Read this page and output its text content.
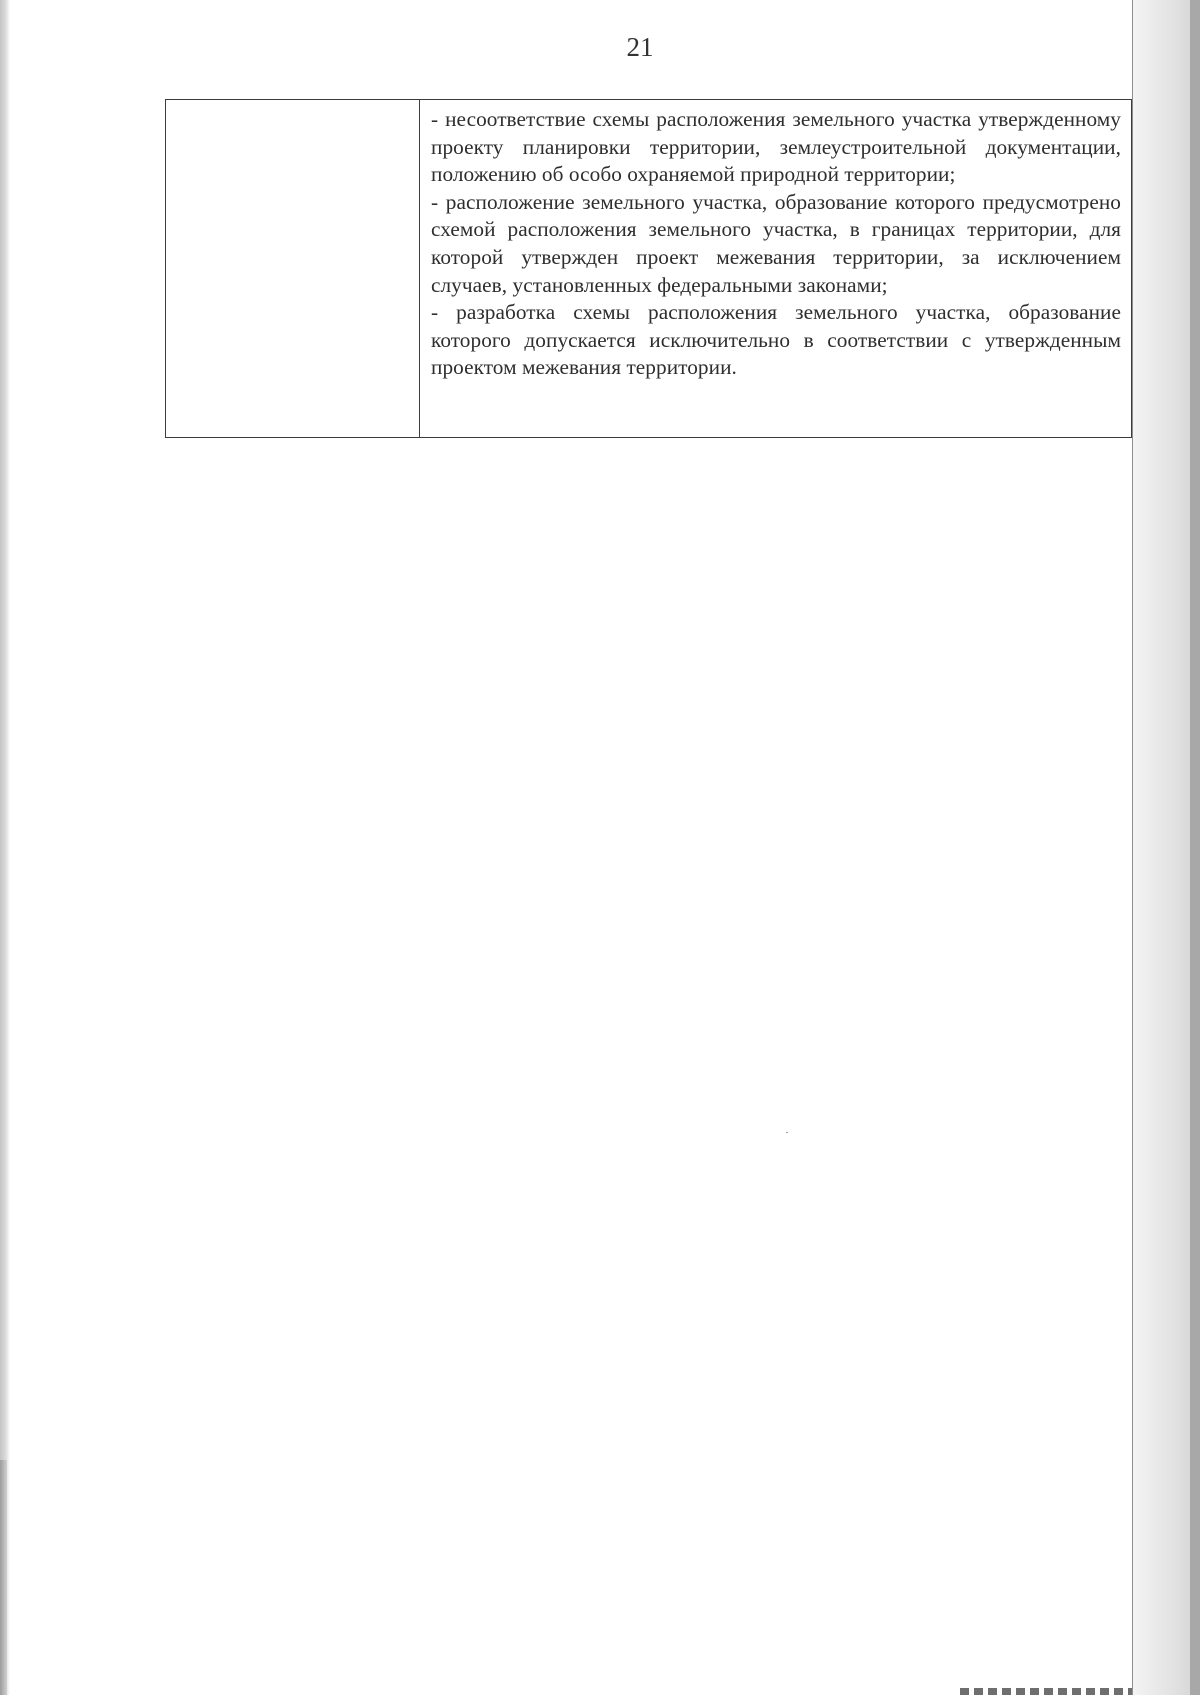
21

- несоответствие схемы расположения земельного участка утвержденному проекту планировки территории, землеустроительной документации, положению об особо охраняемой природной территории;

- расположение земельного участка, образование которого предусмотрено схемой расположения земельного участка, в границах территории, для которой утвержден проект межевания территории, за исключением случаев, установленных федеральными законами;

- разработка схемы расположения земельного участка, образование которого допускается исключительно в соответствии с утвержденным проектом межевания территории.
